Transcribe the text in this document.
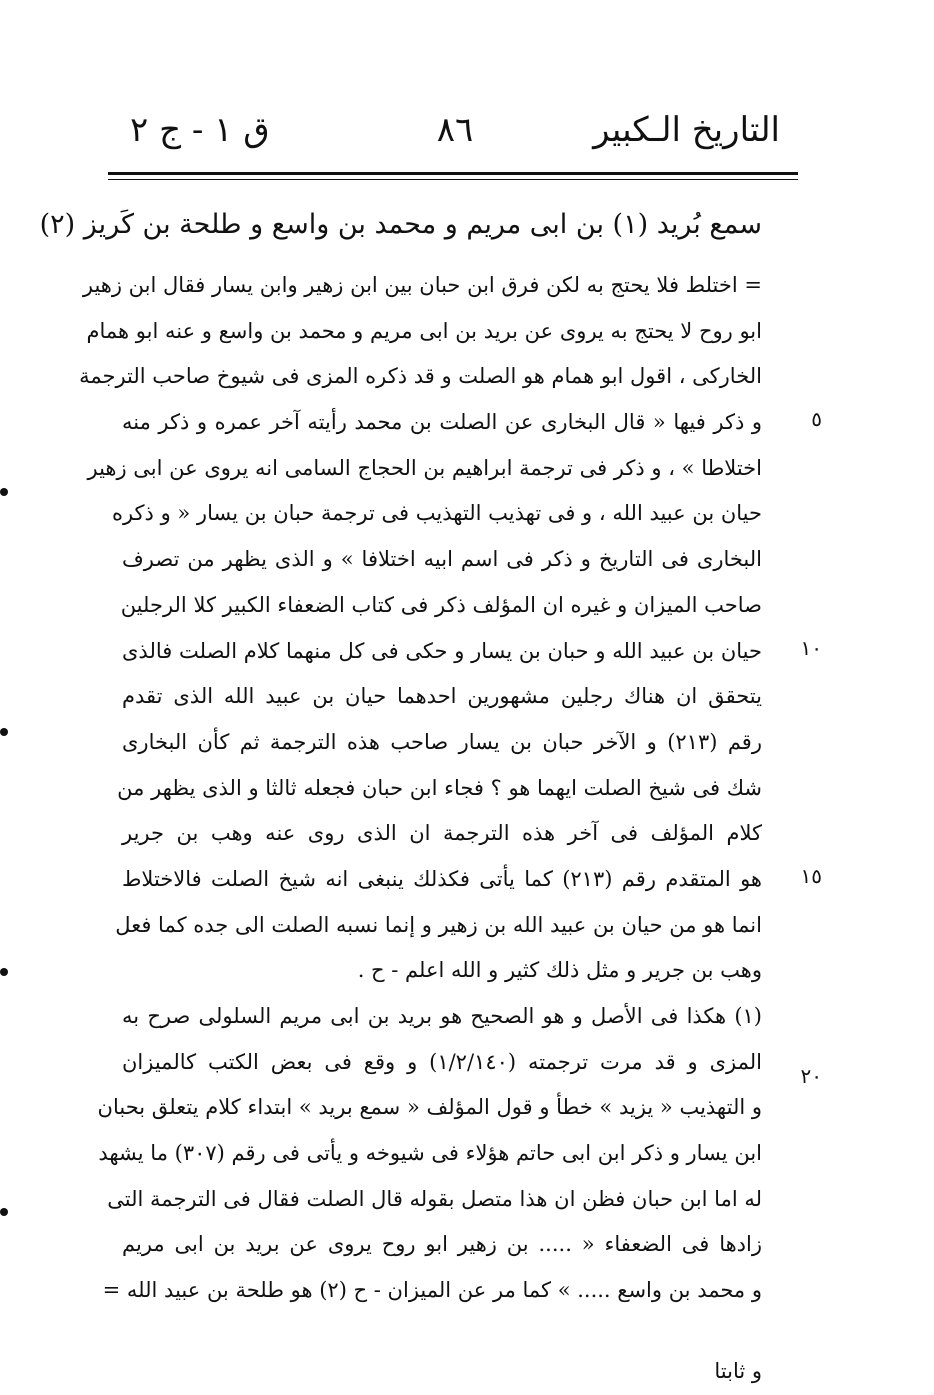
التاريخ الـكبير
٨٦
ق ١ - ج ٢
سمع بُريد (١) بن ابى مريم و محمد بن واسع و طلحة بن كَريز (٢)
= اختلط فلا يحتج به لكن فرق ابن حبان بين ابن زهير وابن يسار فقال ابن زهير
ابو روح لا يحتج به يروى عن بريد بن ابى مريم و محمد بن واسع و عنه ابو همام
الخاركى ، اقول ابو همام هو الصلت و قد ذكره المزى فى شيوخ صاحب الترجمة
و ذكر فيها « قال البخارى عن الصلت بن محمد رأيته آخر عمره و ذكر منه
اختلاطا » ، و ذكر فى ترجمة ابراهيم بن الحجاج السامى انه يروى عن ابى زهير
حيان بن عبيد الله ، و فى تهذيب التهذيب فى ترجمة حبان بن يسار « و ذكره
البخارى فى التاريخ و ذكر فى اسم ابيه اختلافا » و الذى يظهر من تصرف
صاحب الميزان و غيره ان المؤلف ذكر فى كتاب الضعفاء الكبير كلا الرجلين
حيان بن عبيد الله و حبان بن يسار و حكى فى كل منهما كلام الصلت فالذى
يتحقق ان هناك رجلين مشهورين احدهما حيان بن عبيد الله الذى تقدم
رقم (٢١٣) و الآخر حبان بن يسار صاحب هذه الترجمة ثم كأن البخارى
شك فى شيخ الصلت ايهما هو ؟ فجاء ابن حبان فجعله ثالثا و الذى يظهر من
كلام المؤلف فى آخر هذه الترجمة ان الذى روى عنه وهب بن جرير
هو المتقدم رقم (٢١٣) كما يأتى فكذلك ينبغى انه شيخ الصلت فالاختلاط
انما هو من حيان بن عبيد الله بن زهير و إنما نسبه الصلت الى جده كما فعل
وهب بن جرير و مثل ذلك كثير و الله اعلم - ح .
(١) هكذا فى الأصل و هو الصحيح هو بريد بن ابى مريم السلولى صرح به
المزى و قد مرت ترجمته (١/٢/١٤٠) و وقع فى بعض الكتب كالميزان
و التهذيب « يزيد » خطأ و قول المؤلف « سمع بريد » ابتداء كلام يتعلق بحبان
ابن يسار و ذكر ابن ابى حاتم هؤلاء فى شيوخه و يأتى فى رقم (٣٠٧) ما يشهد
له اما ابن حبان فظن ان هذا متصل بقوله قال الصلت فقال فى الترجمة التى
زادها فى الضعفاء « ..... بن زهير ابو روح يروى عن بريد بن ابى مريم
و محمد بن واسع ..... » كما مر عن الميزان - ح (٢) هو طلحة بن عبيد الله =
و ثابتا
٥
١٠
١٥
٢٠
